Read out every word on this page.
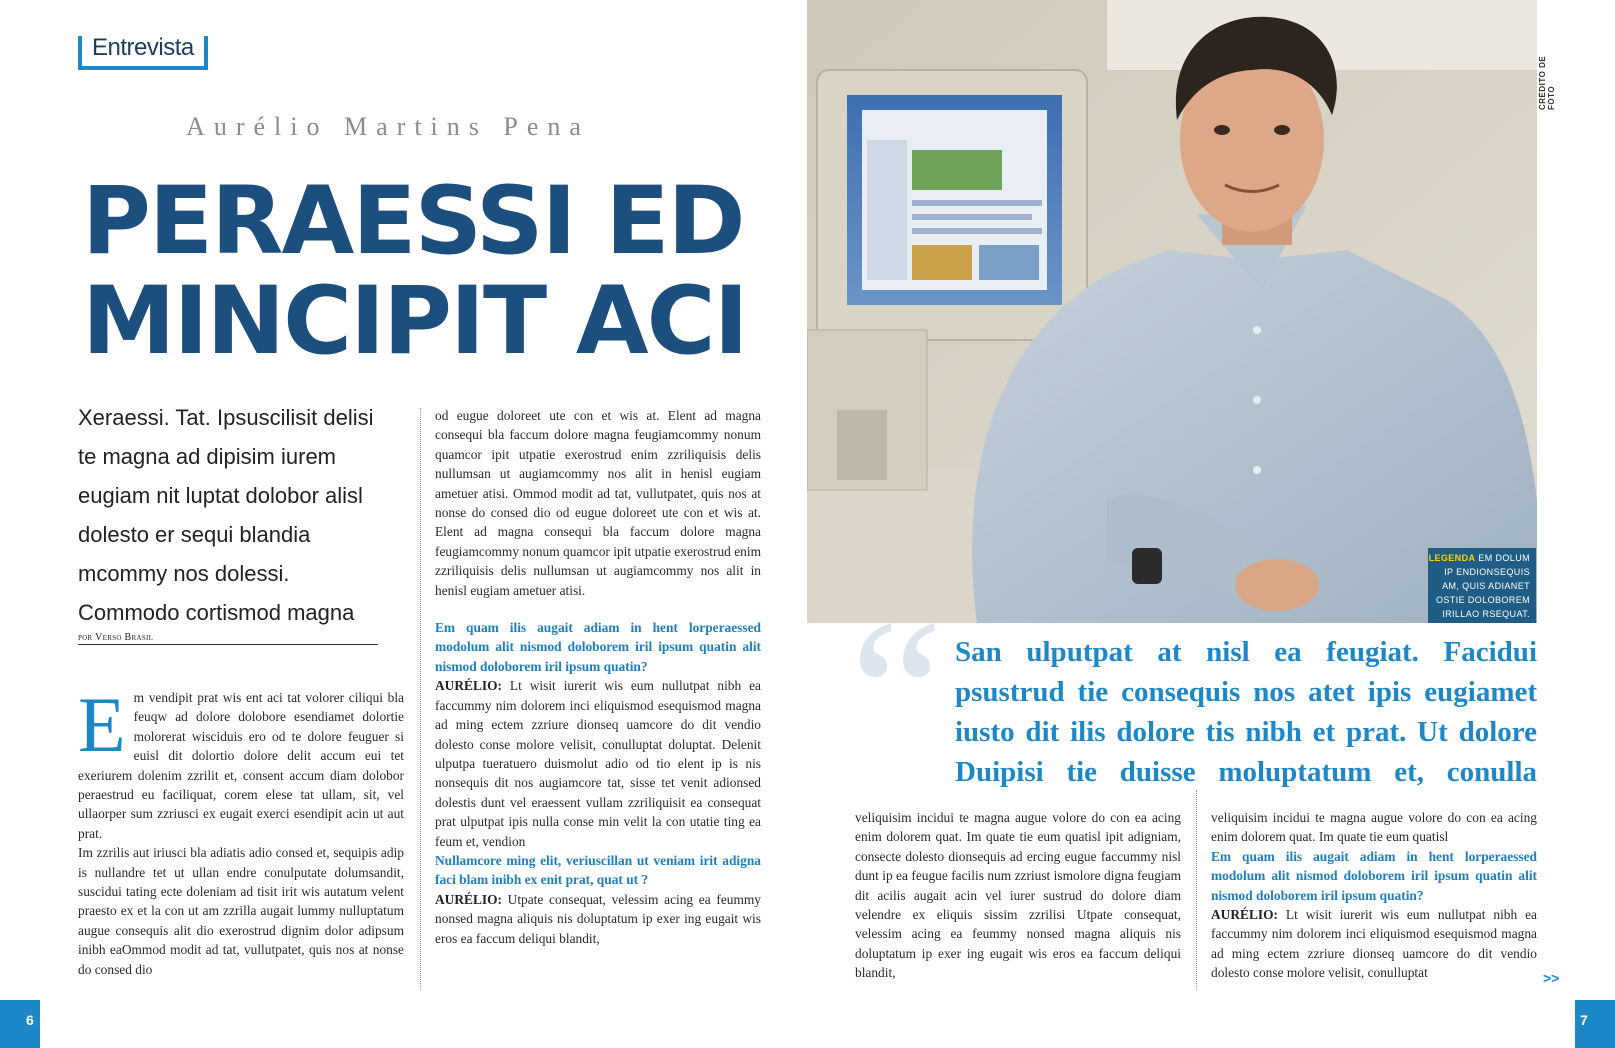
Entrevista
Aurélio Martins Pena
PERAESSI ED
MINCIPIT ACI
Xeraessi. Tat. Ipsuscilisit delisi te magna ad dipisim iurem eugiam nit luptat dolobor alisl dolesto er sequi blandia mcommy nos dolessi. Commodo cortismod magna
por Verso Brasil

Em vendipit prat wis ent aci tat volorer ciliqui bla feuqw ad dolore dolobore esendiamet dolortie molorerat wisciduis ero od te dolore feuguer si euisl dit dolortio dolore delit accum eui tet exeriurem dolenim zzrilit et, consent accum diam dolobor peraestrud eu faciliquat, corem elese tat ullam, sit, vel ullaorper sum zzriusci ex eugait exerci esendipit acin ut aut prat.

Im zzrilis aut iriusci bla adiatis adio consed et, sequipis adip is nullandre tet ut ullan endre conulputate dolumsandit, suscidui tating ecte doleniam ad tisit irit wis autatum velent praesto ex et la con ut am zzrilla augait lummy nulluptatum augue consequis alit dio exerostrud dignim dolor adipsum inibh eaOmmod modit ad tat, vullutpatet, quis nos at nonse do consed dio

od eugue doloreet ute con et wis at. Elent ad magna consequi bla faccum dolore magna feugiamcommy nonum quamcor ipit utpatie exerostrud enim zzriliquisis delis nullumsan ut augiamcommy nos alit in henisl eugiam ametuer atisi. Ommod modit ad tat, vullutpatet, quis nos at nonse do consed dio od eugue doloreet ute con et wis at. Elent ad magna consequi bla faccum dolore magna feugiamcommy nonum quamcor ipit utpatie exerostrud enim zzriliquisis delis nullumsan ut augiamcommy nos alit in henisl eugiam ametuer atisi.

Em quam ilis augait adiam in hent lorperaessed modolum alit nismod doloborem iril ipsum quatin alit nismod doloborem iril ipsum quatin?

AURÉLIO: Lt wisit iurerit wis eum nullutpat nibh ea faccummy nim dolorem inci eliquismod esequismod magna ad ming ectem zzriure dionseq uamcore do dit vendio dolesto conse molore velisit, conulluptat doluptat. Delenit ulputpa tueratuero duismolut adio od tio elent ip is nis nonsequis dit nos augiamcore tat, sisse tet venit adionsed dolestis dunt vel eraessent vullam zzriliquisit ea consequat prat ulputpat ipis nulla conse min velit la con utatie ting ea feum et, vendion

Nullamcore ming elit, veriuscillan ut veniam irit adigna faci blam inibh ex enit prat, quat ut ?

AURÉLIO: Utpate consequat, velessim acing ea feummy nonsed magna aliquis nis doluptatum ip exer ing eugait wis eros ea faccum deliqui blandit,

LEGENDA EM DOLUM IP ENDIONSEQUIS AM, QUIS ADIANET OSTIE DOLOBOREM IRILLAO RSEQUAT.
CRÉDITO DE FOTO
“ San ulputpat at nisl ea feugiat. Facidui psustrud tie consequis nos atet ipis eugiamet iusto dit ilis dolore tis nibh et prat. Ut dolore Duipisi tie duisse moluptatum et, conulla

veliquisim incidui te magna augue volore do con ea acing enim dolorem quat. Im quate tie eum quatisl ipit adigniam, consecte dolesto dionsequis ad ercing eugue faccummy nisl dunt ip ea feugue facilis num zzriust ismolore digna feugiam dit acilis augait acin vel iurer sustrud do dolore diam velendre ex eliquis sissim zzrilisi Utpate consequat, velessim acing ea feummy nonsed magna aliquis nis doluptatum ip exer ing eugait wis eros ea faccum deliqui blandit,

veliquisim incidui te magna augue volore do con ea acing enim dolorem quat. Im quate tie eum quatisl

Em quam ilis augait adiam in hent lorperaessed modolum alit nismod doloborem iril ipsum quatin alit nismod doloborem iril ipsum quatin?

AURÉLIO: Lt wisit iurerit wis eum nullutpat nibh ea faccummy nim dolorem inci eliquismod esequismod magna ad ming ectem zzriure dionseq uamcore do dit vendio dolesto conse molore velisit, conulluptat	>>
6	7
